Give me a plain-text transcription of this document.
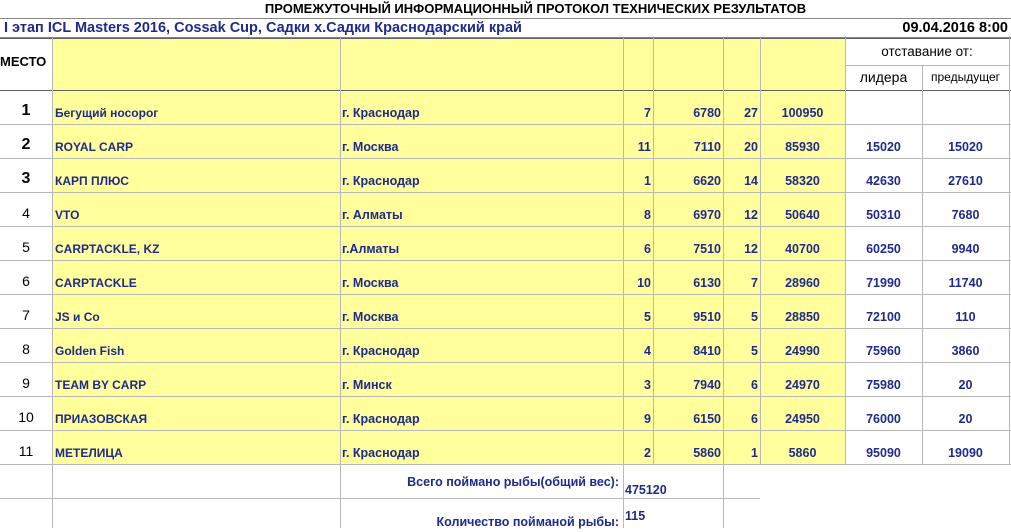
ПРОМЕЖУТОЧНЫЙ ИНФОРМАЦИОННЫЙ ПРОТОКОЛ ТЕХНИЧЕСКИХ РЕЗУЛЬТАТОВ
I этап ICL Masters 2016, Cossak Cup, Садки х.Садки Краснодарский край	09.04.2016 8:00
МЕСТО
отставание от:
лидера	предыдущег
1	Бегущий носорог	г. Краснодар	7	6780	27	100950
2	ROYAL CARP	г. Москва	11	7110	20	85930	15020	15020
3	КАРП ПЛЮС	г. Краснодар	1	6620	14	58320	42630	27610
4	VTO	г. Алматы	8	6970	12	50640	50310	7680
5	CARPTACKLE, KZ	г.Алматы	6	7510	12	40700	60250	9940
6	CARPTACKLE	г. Москва	10	6130	7	28960	71990	11740
7	JS и Co	г. Москва	5	9510	5	28850	72100	110
8	Golden Fish	г. Краснодар	4	8410	5	24990	75960	3860
9	TEAM BY CARP	г. Минск	3	7940	6	24970	75980	20
10	ПРИАЗОВСКАЯ	г. Краснодар	9	6150	6	24950	76000	20
11	МЕТЕЛИЦА	г. Краснодар	2	5860	1	5860	95090	19090
Всего поймано рыбы(общий вес):
475120
Количество пойманой рыбы: 115
